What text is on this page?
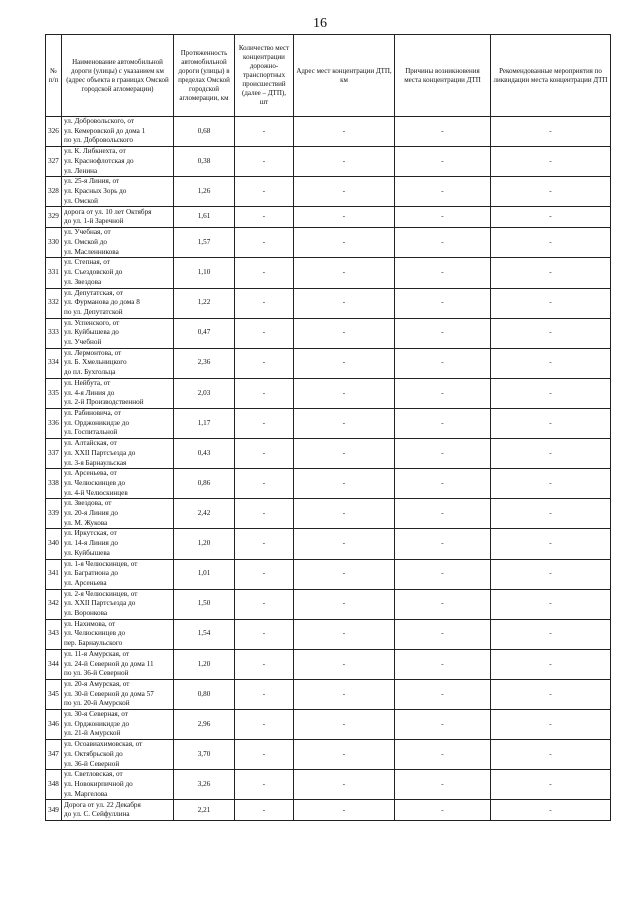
16
№ п/п	Наименование автомобильной дороги (улицы) с указанием км (адрес объекта в границах Омской городской агломерации)	Протяженность автомобильной дороги (улицы) в пределах Омской городской агломерации, км	Количество мест концентрации дорожно-транспортных происшествий (далее – ДТП), шт	Адрес мест концентрации ДТП, км	Причины возникновения места концентрации ДТП	Рекомендованные мероприятия по ликвидации места концентрации ДТП
326	ул. Добровольского, от
ул. Кемеровской до дома 1
по ул. Добровольского	0,68	-	-	-	-
327	ул. К. Либкнехта, от
ул. Краснофлотская до
ул. Ленина	0,38	-	-	-	-
328	ул. 25-я Линия, от
ул. Красных Зорь до
ул. Омской	1,26	-	-	-	-
329	дорога от ул. 10 лет Октября
до ул. 1-й Заречной	1,61	-	-	-	-
330	ул. Учебная, от
ул. Омской до
ул. Масленникова	1,57	-	-	-	-
331	ул. Степная, от
ул. Съездовской до
ул. Звездова	1,10	-	-	-	-
332	ул. Депутатская, от
ул. Фурманова до дома 8
по ул. Депутатской	1,22	-	-	-	-
333	ул. Успенского, от
ул. Куйбышева до
ул. Учебной	0,47	-	-	-	-
334	ул. Лермонтова, от
ул. Б. Хмельницкого
до пл. Бухгольца	2,36	-	-	-	-
335	ул. Нейбута, от
ул. 4-я Линия до
ул. 2-й Производственной	2,03	-	-	-	-
336	ул. Рабиновича, от
ул. Орджоникидзе до
ул. Госпитальной	1,17	-	-	-	-
337	ул. Алтайская, от
ул. XXII Партсъезда до
ул. 3-я Барнаульская	0,43	-	-	-	-
338	ул. Арсеньева, от
ул. Челюскинцев до
ул. 4-й Челюскинцев	0,86	-	-	-	-
339	ул. Звездова, от
ул. 20-я Линия до
ул. М. Жукова	2,42	-	-	-	-
340	ул. Иркутская, от
ул. 14-я Линия до
ул. Куйбышева	1,20	-	-	-	-
341	ул. 1-я Челюскинцев, от
ул. Багратиона до
ул. Арсеньева	1,01	-	-	-	-
342	ул. 2-я Челюскинцев, от
ул. XXII Партсъезда до
ул. Воронкова	1,50	-	-	-	-
343	ул. Нахимова, от
ул. Челюскинцев до
пер. Барнаульского	1,54	-	-	-	-
344	ул. 11-я Амурская, от
ул. 24-й Северной до дома 11
по ул. 36-й Северной	1,20	-	-	-	-
345	ул. 20-я Амурская, от
ул. 30-й Северной до дома 57
по ул. 20-й Амурской	0,80	-	-	-	-
346	ул. 30-я Северная, от
ул. Орджоникидзе до
ул. 21-й Амурской	2,96	-	-	-	-
347	ул. Осоавиахимовская, от
ул. Октябрьской до
ул. 36-й Северной	3,70	-	-	-	-
348	ул. Светловская, от
ул. Новокирпичной до
ул. Маргелова	3,26	-	-	-	-
349	Дорога от ул. 22 Декабря
до ул. С. Сейфуллина	2,21	-	-	-	-
